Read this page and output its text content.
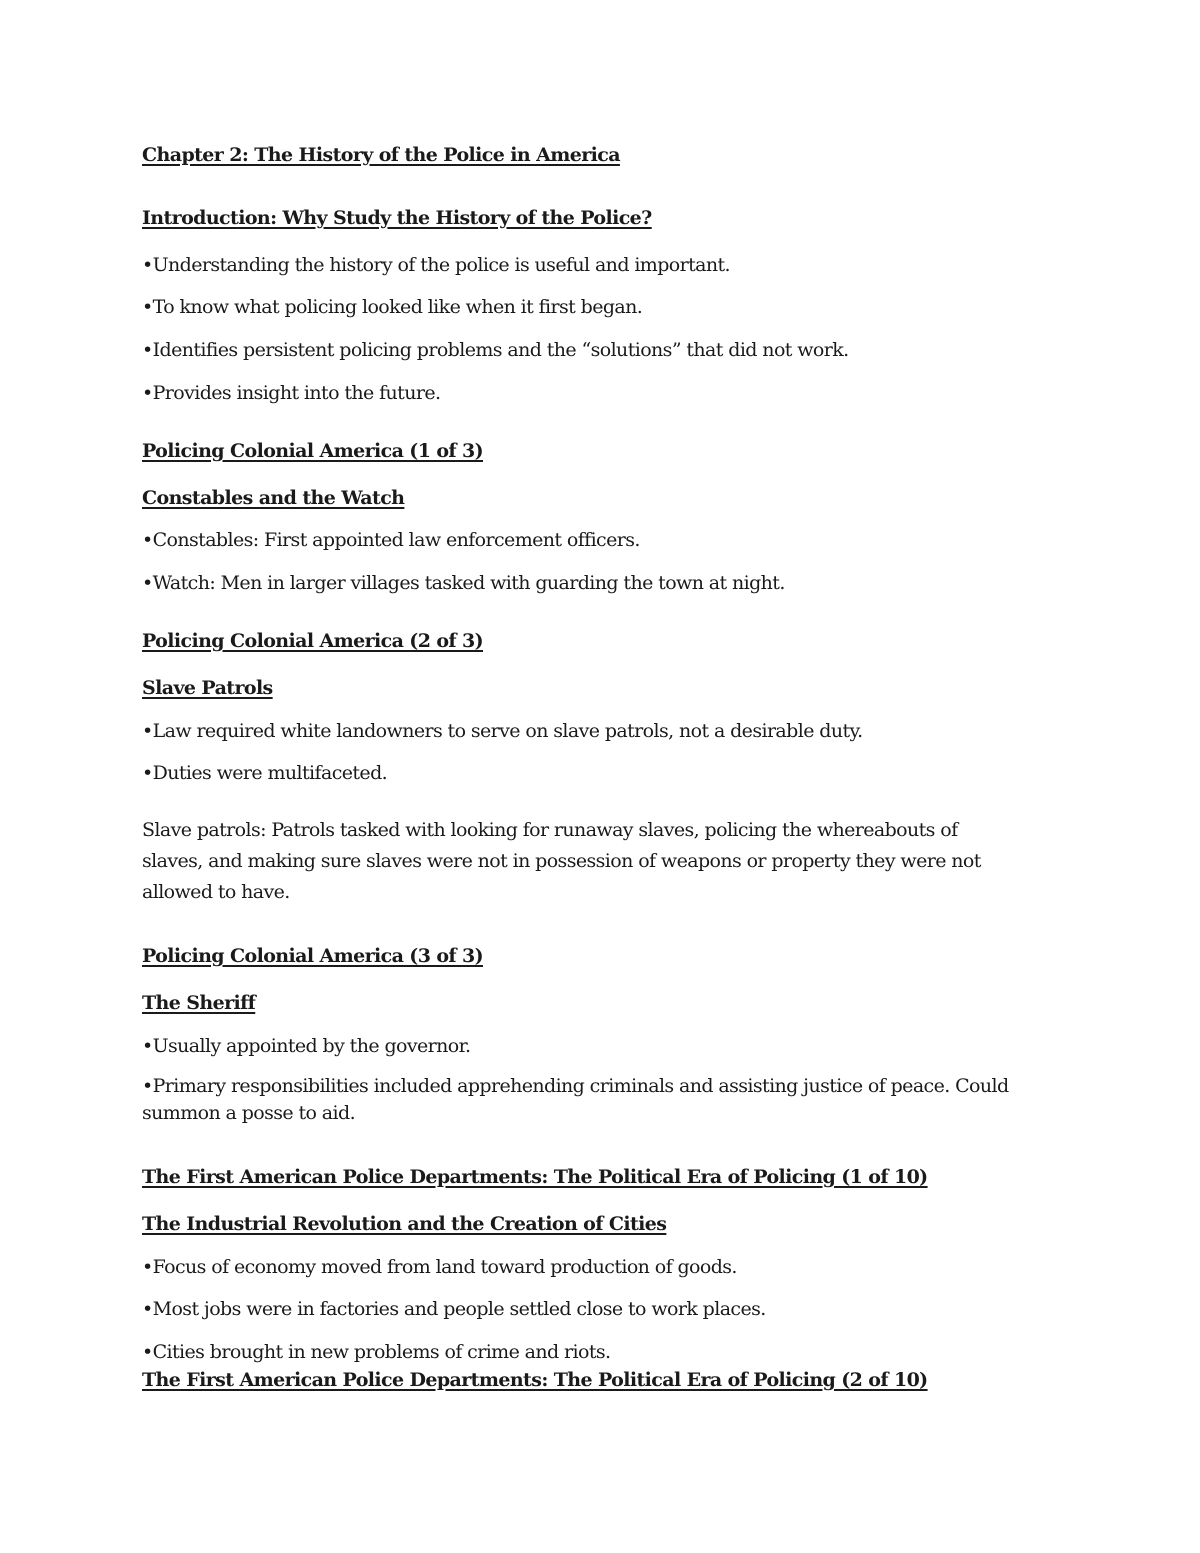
Chapter 2: The History of the Police in America
Introduction: Why Study the History of the Police?
•Understanding the history of the police is useful and important.
•To know what policing looked like when it first began.
•Identifies persistent policing problems and the “solutions” that did not work.
•Provides insight into the future.
Policing Colonial America (1 of 3)
Constables and the Watch
•Constables: First appointed law enforcement officers.
•Watch: Men in larger villages tasked with guarding the town at night.
Policing Colonial America (2 of 3)
Slave Patrols
•Law required white landowners to serve on slave patrols, not a desirable duty.
•Duties were multifaceted.
Slave patrols: Patrols tasked with looking for runaway slaves, policing the whereabouts of slaves, and making sure slaves were not in possession of weapons or property they were not allowed to have.
Policing Colonial America (3 of 3)
The Sheriff
•Usually appointed by the governor.
•Primary responsibilities included apprehending criminals and assisting justice of peace. Could summon a posse to aid.
The First American Police Departments: The Political Era of Policing (1 of 10)
The Industrial Revolution and the Creation of Cities
•Focus of economy moved from land toward production of goods.
•Most jobs were in factories and people settled close to work places.
•Cities brought in new problems of crime and riots.
The First American Police Departments: The Political Era of Policing (2 of 10)
